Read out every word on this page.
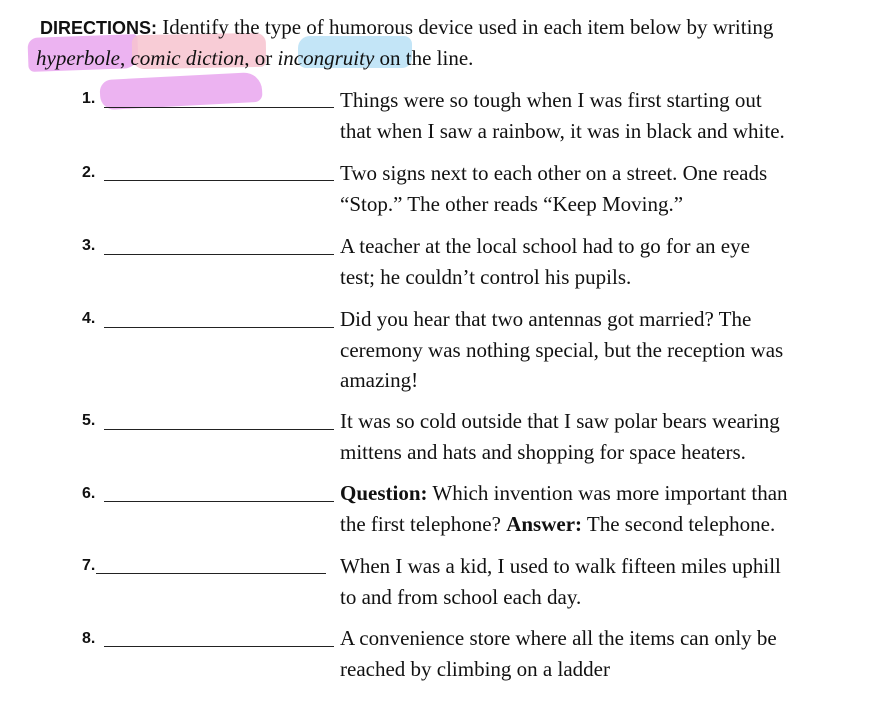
DIRECTIONS: Identify the type of humorous device used in each item below by writing
hyperbole, comic diction, or incongruity on the line.
1.	Things were so tough when I was first starting out
that when I saw a rainbow, it was in black and white.
2.	Two signs next to each other on a street. One reads
“Stop.” The other reads “Keep Moving.”
3.	A teacher at the local school had to go for an eye
test; he couldn’t control his pupils.
4.	Did you hear that two antennas got married? The
ceremony was nothing special, but the reception was
amazing!
5.	It was so cold outside that I saw polar bears wearing
mittens and hats and shopping for space heaters.
6.	Question: Which invention was more important than
the first telephone? Answer: The second telephone.
7.	When I was a kid, I used to walk fifteen miles uphill
to and from school each day.
8.	A convenience store where all the items can only be
reached by climbing on a ladder
